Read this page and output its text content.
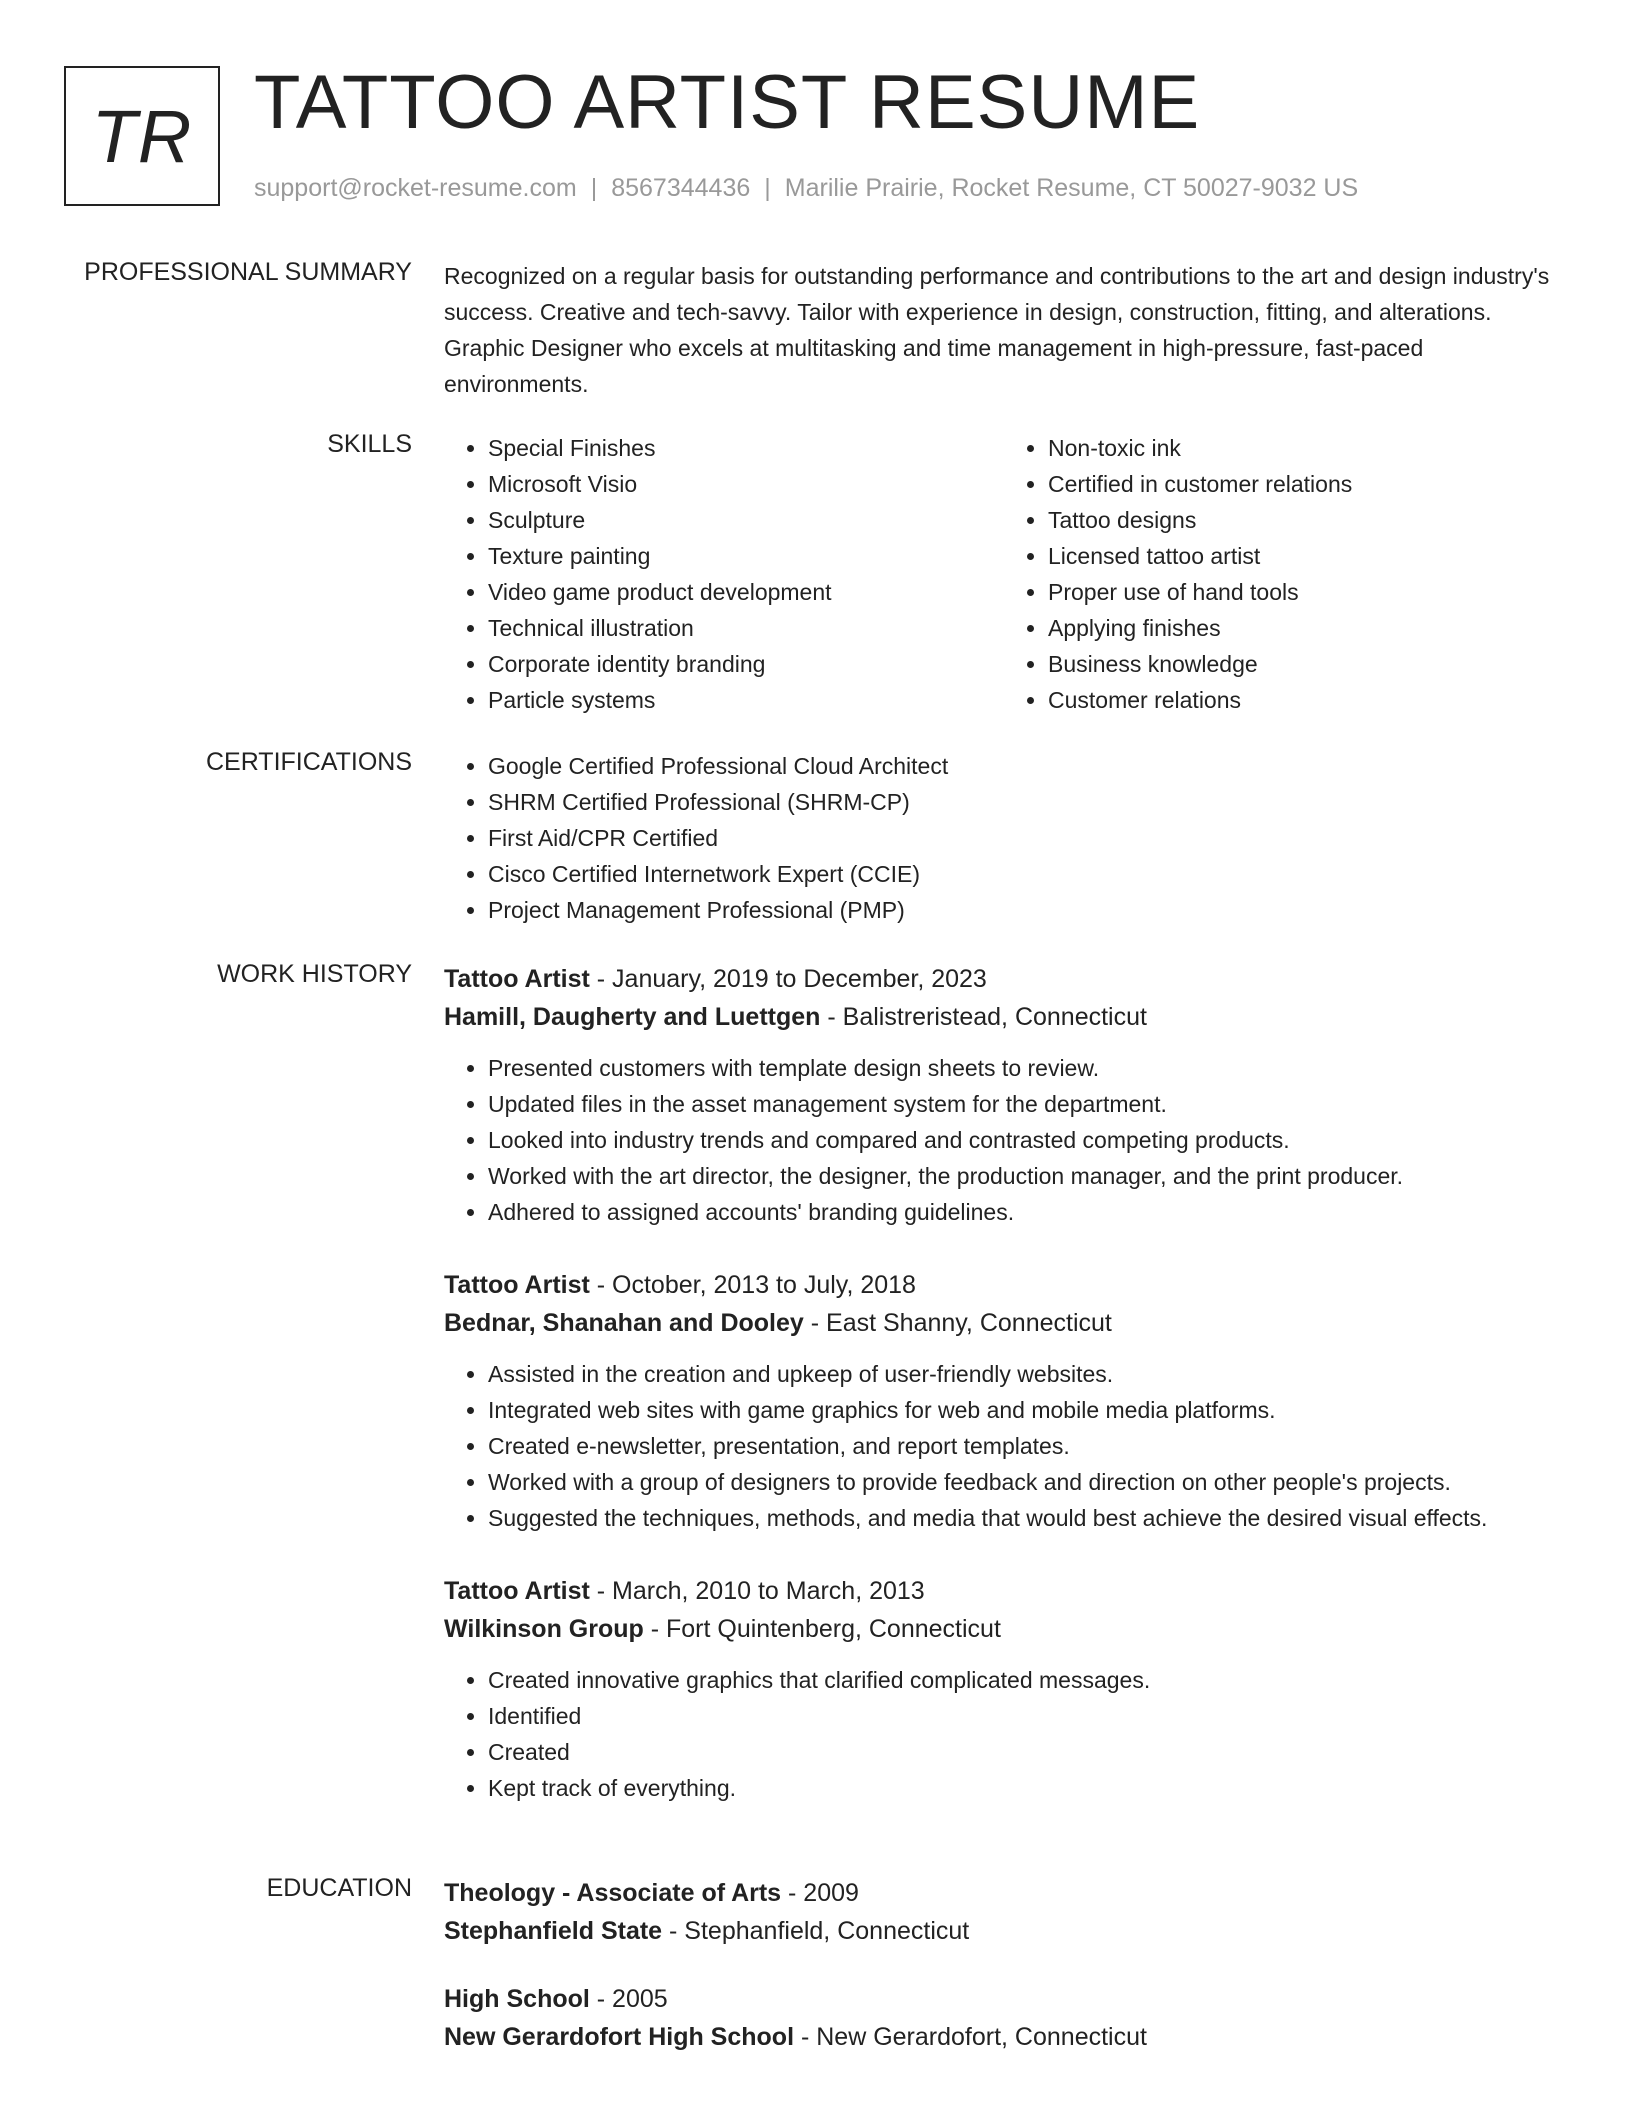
TR TATTOO ARTIST RESUME
support@rocket-resume.com | 8567344436 | Marilie Prairie, Rocket Resume, CT 50027-9032 US
PROFESSIONAL SUMMARY Recognized on a regular basis for outstanding performance and contributions to the art and design industry's success. Creative and tech-savvy. Tailor with experience in design, construction, fitting, and alterations. Graphic Designer who excels at multitasking and time management in high-pressure, fast-paced environments.

SKILLS	• Special Finishes
• Microsoft Visio
• Sculpture
• Texture painting
• Video game product development
• Technical illustration
• Corporate identity branding
• Particle systems
• Non-toxic ink
• Certified in customer relations
• Tattoo designs
• Licensed tattoo artist
• Proper use of hand tools
• Applying finishes
• Business knowledge
• Customer relations
CERTIFICATIONS	• Google Certified Professional Cloud Architect
• SHRM Certified Professional (SHRM-CP)
• First Aid/CPR Certified
• Cisco Certified Internetwork Expert (CCIE)
• Project Management Professional (PMP)
WORK HISTORY Tattoo Artist - January, 2019 to December, 2023
Hamill, Daugherty and Luettgen - Balistreristead, Connecticut
• Presented customers with template design sheets to review.
• Updated files in the asset management system for the department.
• Looked into industry trends and compared and contrasted competing products.
• Worked with the art director, the designer, the production manager, and the print producer.
• Adhered to assigned accounts' branding guidelines.
Tattoo Artist - October, 2013 to July, 2018
Bednar, Shanahan and Dooley - East Shanny, Connecticut
• Assisted in the creation and upkeep of user-friendly websites.
• Integrated web sites with game graphics for web and mobile media platforms.
• Created e-newsletter, presentation, and report templates.
• Worked with a group of designers to provide feedback and direction on other people's projects.
• Suggested the techniques, methods, and media that would best achieve the desired visual effects.
Tattoo Artist - March, 2010 to March, 2013
Wilkinson Group - Fort Quintenberg, Connecticut
• Created innovative graphics that clarified complicated messages.
• Identified
• Created
• Kept track of everything.
EDUCATION Theology - Associate of Arts - 2009
Stephanfield State - Stephanfield, Connecticut
High School - 2005
New Gerardofort High School - New Gerardofort, Connecticut
